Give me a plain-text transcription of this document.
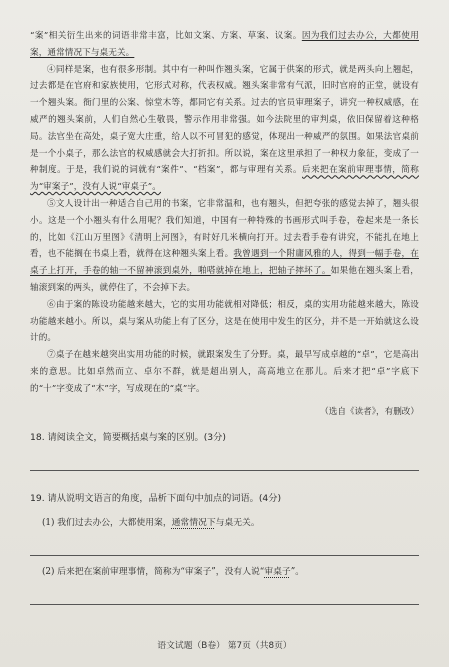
“案”相关衍生出来的词语非常丰富，比如文案、方案、草案、议案。因为我们过去办公，大都使用案，通常情况下与桌无关。

④同样是案，也有很多形制。其中有一种叫作翘头案，它属于供案的形式，就是两头向上翘起，过去都是在官府和家族使用，它形式对称，代表权威。翘头案非常有气派，旧时官府的正堂，就设有一个翘头案。衙门里的公案、惊堂木等，都同它有关系。过去的官员审理案子，讲究一种权威感，在威严的翘头案前，人们自然心生敬畏，警示作用非常强。如今法院里的审判桌，依旧保留着这种格局。法官坐在高处，桌子宽大庄重，给人以不可冒犯的感觉，体现出一种威严的氛围。如果法官桌前是一个小桌子，那么法官的权威感就会大打折扣。所以说，案在这里承担了一种权力象征，变成了一种制度。于是，我们说的词就有“案件”、“档案”，都与审理有关系。后来把在案前审理事情，简称为“审案子”，没有人说“审桌子”。

⑤文人设计出一种适合自己用的书案，它非常温和，也有翘头，但把夸张的感觉去掉了，翘头很小。这是一个小翘头有什么用呢？我们知道，中国有一种特殊的书画形式叫手卷，卷起来是一条长的，比如《江山万里图》《清明上河图》，有时好几米横向打开。过去看手卷有讲究，不能扎在地上看，也不能搁在书桌上看，就得在这种翘头案上看。我曾遇到一个附庸风雅的人，得到一幅手卷，在桌子上打开，手卷的轴一不留神滚到桌外，啪嗒就掉在地上，把轴子摔坏了。如果他在翘头案上看，轴滚到案的两头，就停住了，不会掉下去。

⑥由于案的陈设功能越来越大，它的实用功能就相对降低；相反，桌的实用功能越来越大，陈设功能越来越小。所以，桌与案从功能上有了区分，这是在使用中发生的区分，并不是一开始就这么设计的。

⑦桌子在越来越突出实用功能的时候，就跟案发生了分野。桌，最早写成卓越的“卓”，它是高出来的意思。比如卓然而立、卓尔不群，就是超出别人，高高地立在那儿。后来才把“卓”字底下的“十”字变成了“木”字，写成现在的“桌”字。

（选自《读者》，有删改）

18. 请阅读全文，简要概括桌与案的区别。(3分)

19. 请从说明文语言的角度，品析下面句中加点的词语。(4分)

(1) 我们过去办公，大都使用案，通常情况下与桌无关。

(2) 后来把在案前审理事情，简称为“审案子”，没有人说“审桌子”。

语文试题（B卷） 第7页（共8页）
